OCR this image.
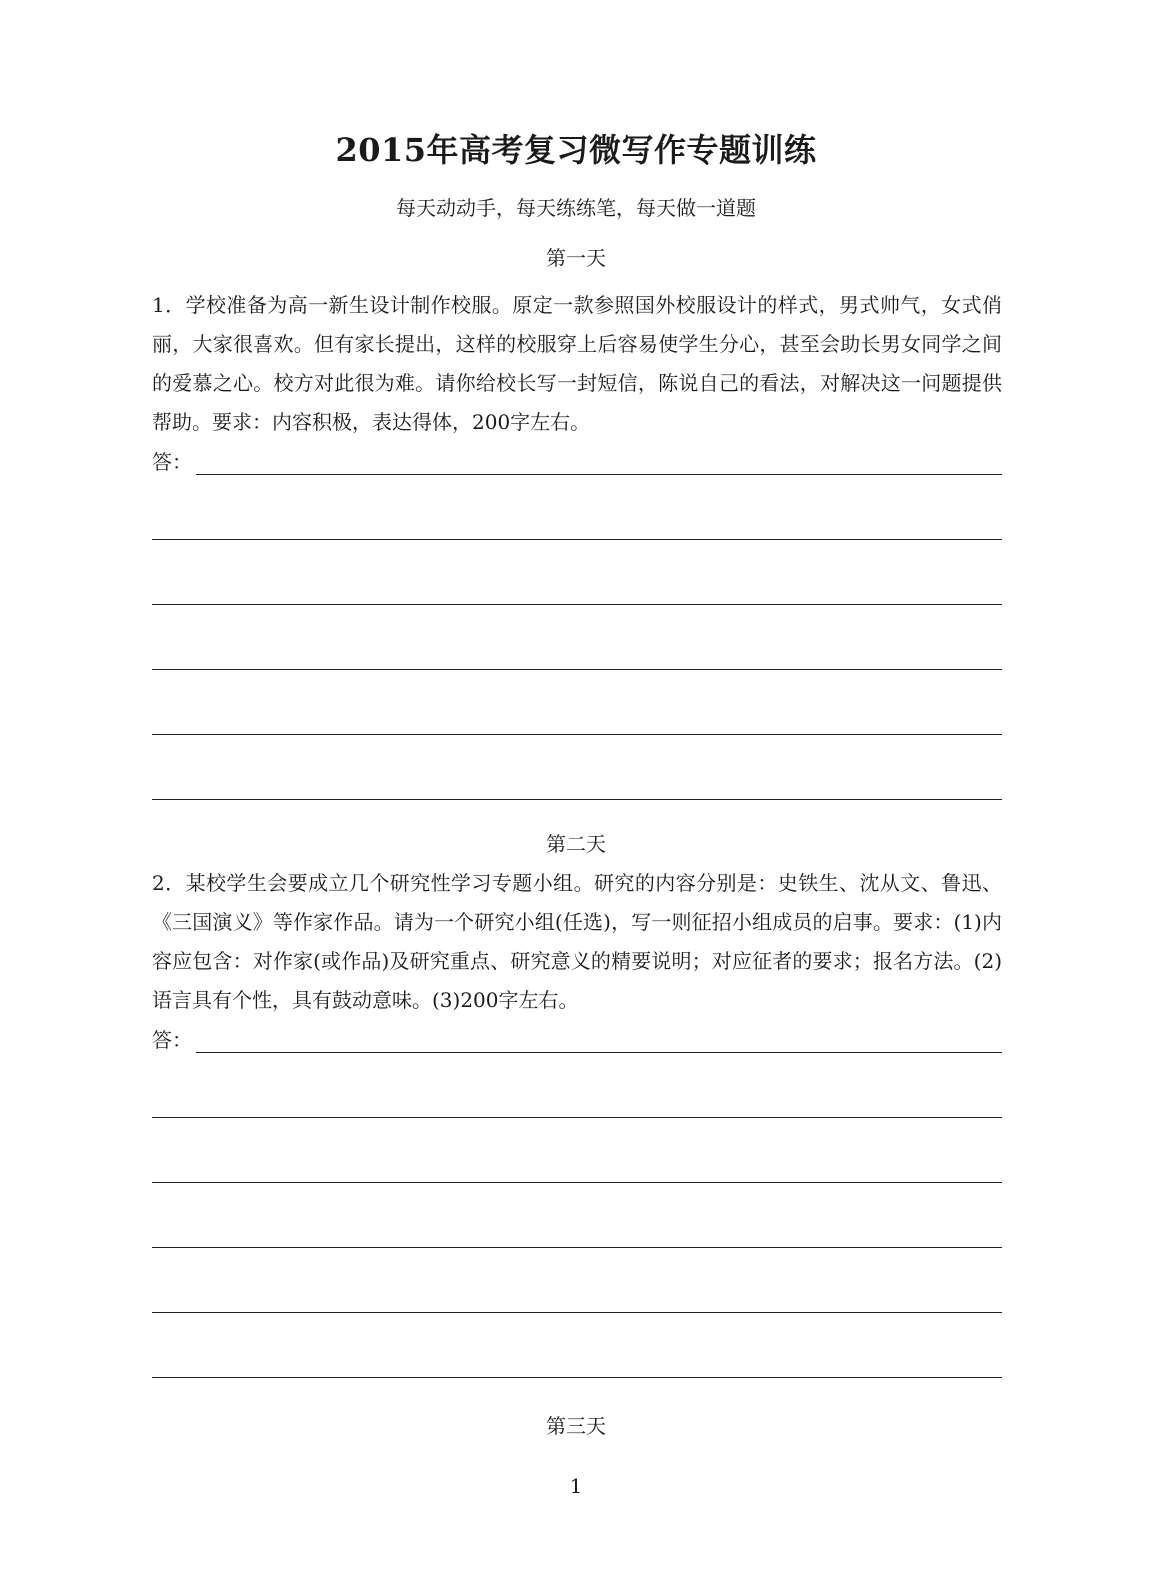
2015年高考复习微写作专题训练
每天动动手，每天练练笔，每天做一道题
第一天

1．学校准备为高一新生设计制作校服。原定一款参照国外校服设计的样式，男式帅气，女式俏丽，大家很喜欢。但有家长提出，这样的校服穿上后容易使学生分心，甚至会助长男女同学之间的爱慕之心。校方对此很为难。请你给校长写一封短信，陈说自己的看法，对解决这一问题提供帮助。要求：内容积极，表达得体，200字左右。

答：
第二天

2．某校学生会要成立几个研究性学习专题小组。研究的内容分别是：史铁生、沈从文、鲁迅、《三国演义》等作家作品。请为一个研究小组(任选)，写一则征招小组成员的启事。要求：(1)内容应包含：对作家(或作品)及研究重点、研究意义的精要说明；对应征者的要求；报名方法。(2)语言具有个性，具有鼓动意味。(3)200字左右。

答：
第三天
1
